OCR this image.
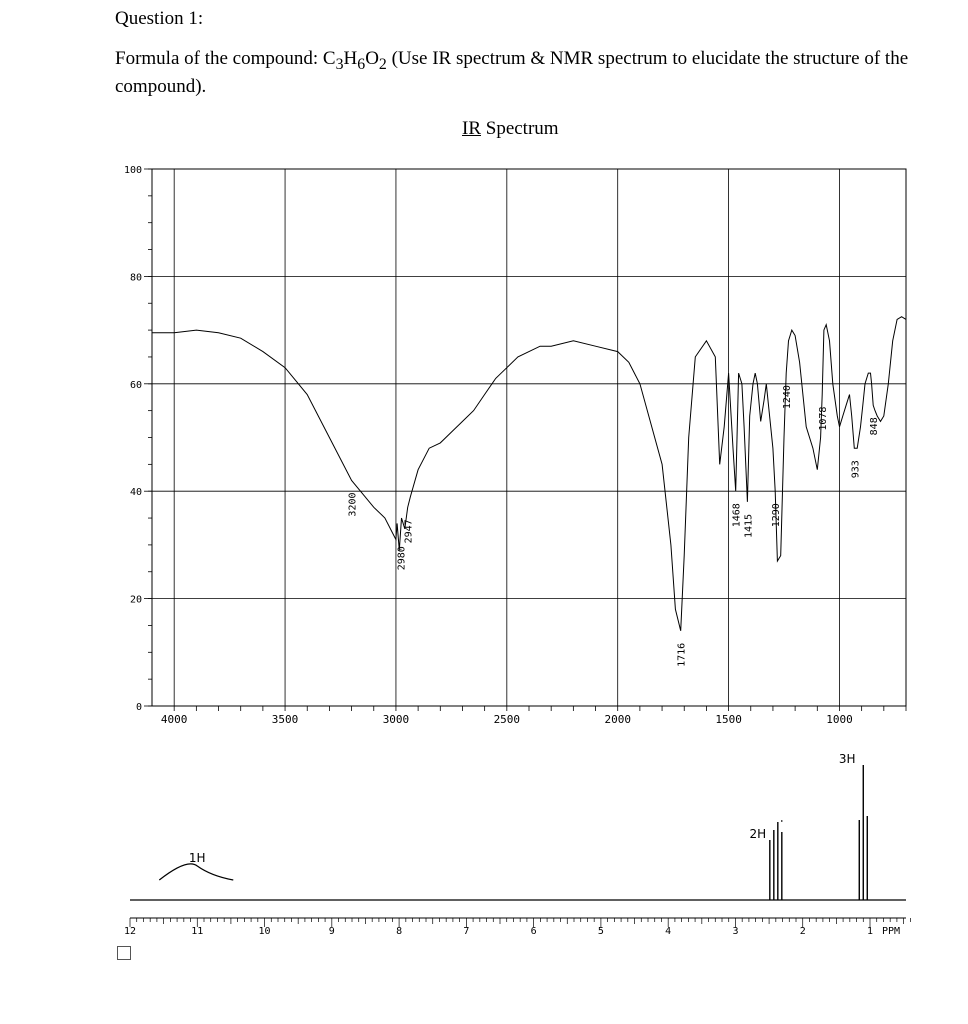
Question 1:
Formula of the compound: $C_3H_6O_2$ (Use IR spectrum & NMR spectrum to elucidate the structure of the compound).
IR Spectrum
4000	3500	3000	2500	2000	1500	1000
0
20
40
60
80
100
3200
2980
2947
1716
1468 1415 1290
1240
1078
933
848
12	11	10	9	8	7	6	5	4	3	2	1 PPM
1H
2H
3H
